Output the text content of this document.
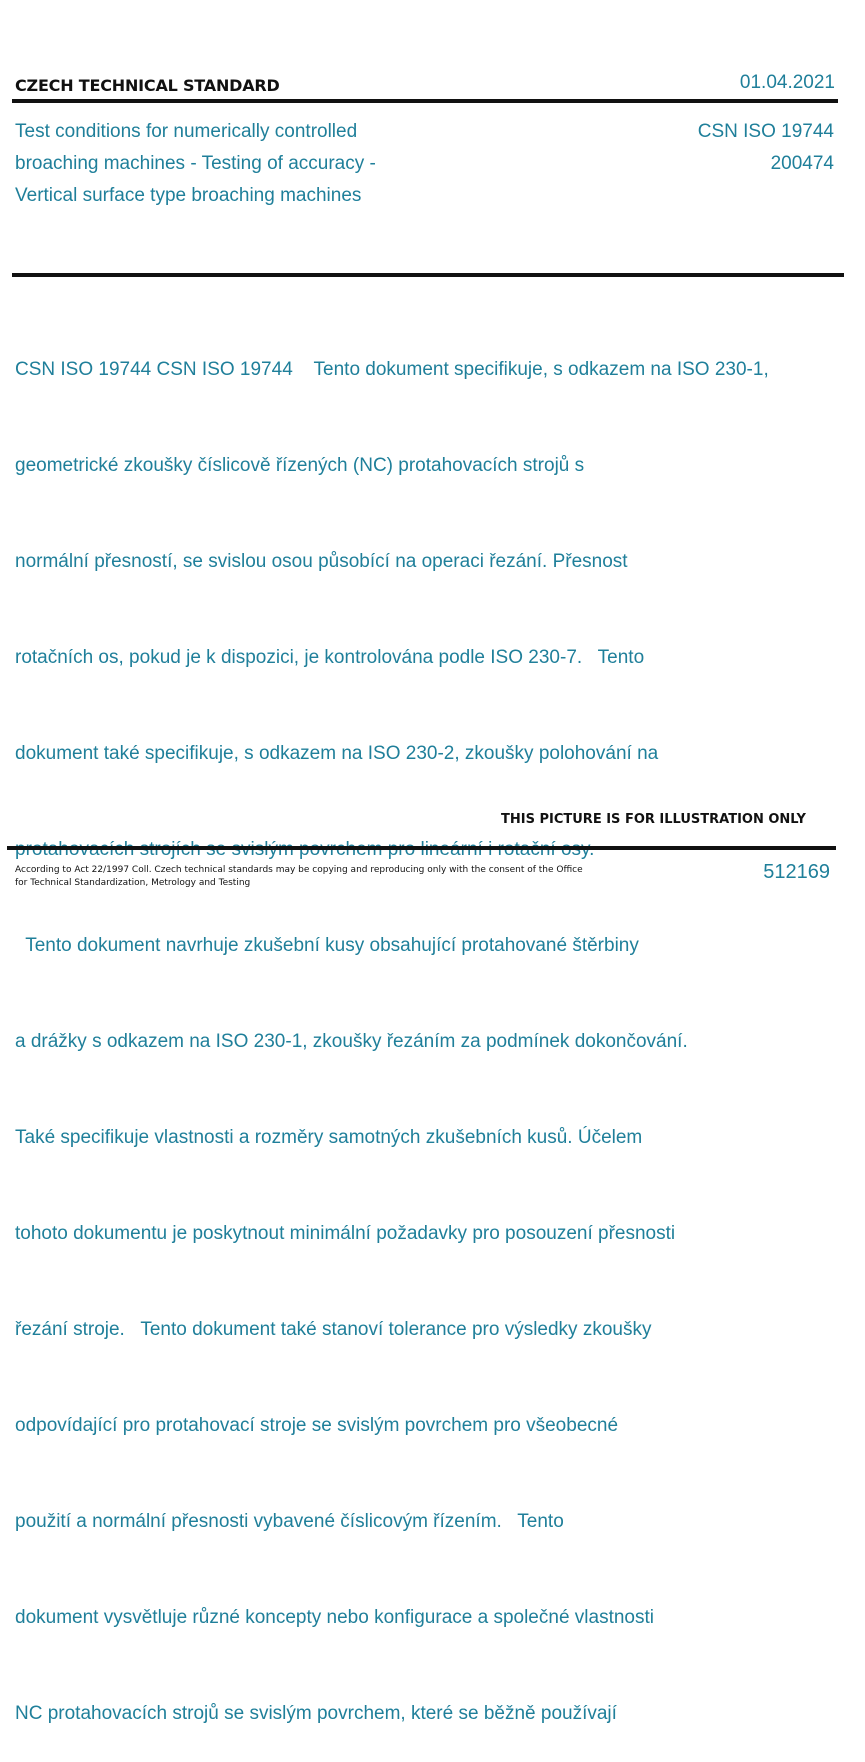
CZECH TECHNICAL STANDARD	01.04.2021
Test conditions for numerically controlled
broaching machines - Testing of accuracy -
Vertical surface type broaching machines
CSN ISO 19744
200474

CSN ISO 19744 CSN ISO 19744    Tento dokument specifikuje, s odkazem na ISO 230-1,

geometrické zkoušky číslicově řízených (NC) protahovacích strojů s

normální přesností, se svislou osou působící na operaci řezání. Přesnost

rotačních os, pokud je k dispozici, je kontrolována podle ISO 230-7.   Tento

dokument také specifikuje, s odkazem na ISO 230-2, zkoušky polohování na

Tento dokument navrhuje zkušební kusy obsahující protahované štěrbiny

a drážky s odkazem na ISO 230-1, zkoušky řezáním za podmínek dokončování.

Také specifikuje vlastnosti a rozměry samotných zkušebních kusů. Účelem

tohoto dokumentu je poskytnout minimální požadavky pro posouzení přesnosti

řezání stroje.   Tento dokument také stanoví tolerance pro výsledky zkoušky

odpovídající pro protahovací stroje se svislým povrchem pro všeobecné

použití a normální přesnosti vybavené číslicovým řízením.   Tento

dokument vysvětluje různé koncepty nebo konfigurace a společné vlastnosti

NC protahovacích strojů se svislým povrchem, které se běžně používají

THIS PICTURE IS FOR ILLUSTRATION ONLY
According to Act 22/1997 Coll. Czech technical standards may be copying and reproducing only with the consent of the Office
for Technical Standardization, Metrology and Testing	512169
